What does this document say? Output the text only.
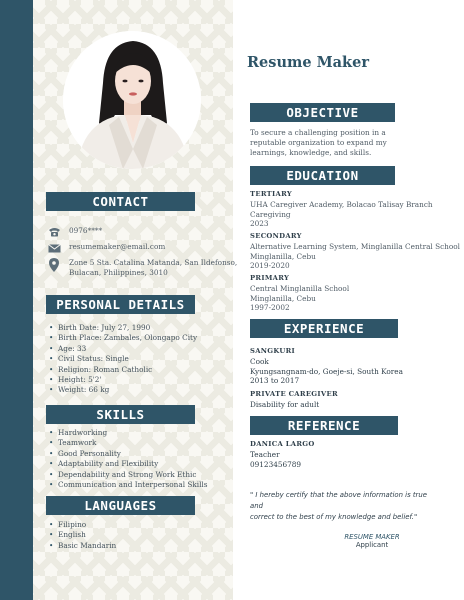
CONTACT
0976****
resumemaker@email.com
Zone 5 Sta. Catalina Matanda, San Ildefonso,
Bulacan, Philippines, 3010
PERSONAL DETAILS
• Birth Date: July 27, 1990
• Birth Place: Zambales, Olongapo City
• Age: 33
• Civil Status: Single
• Religion: Roman Catholic
• Height: 5'2'
• Weight: 66 kg
SKILLS
• Hardworking
• Teamwork
• Good Personality
• Adaptability and Flexibility
• Dependability and Strong Work Ethic
• Communication and Interpersonal Skills
LANGUAGES
• Filipino
• English
• Basic Mandarin
Resume Maker
OBJECTIVE
To secure a challenging position in a
reputable organization to expand my
learnings, knowledge, and skills.
EDUCATION
TERTIARY
UHA Caregiver Academy, Bolacao Talisay Branch
Caregiving
2023
SECONDARY
Alternative Learning System, Minglanilla Central School
Minglanilla, Cebu
2019-2020
PRIMARY
Central Minglanilla School
Minglanilla, Cebu
1997-2002
EXPERIENCE
SANGKURI
Cook
Kyungsangnam-do, Goeje-si, South Korea
2013 to 2017
PRIVATE CAREGIVER
Disability for adult
REFERENCE
DANICA LARGO
Teacher
09123456789
" I hereby certify that the above information is true and
correct to the best of my knowledge and belief."
RESUME MAKER
Applicant
